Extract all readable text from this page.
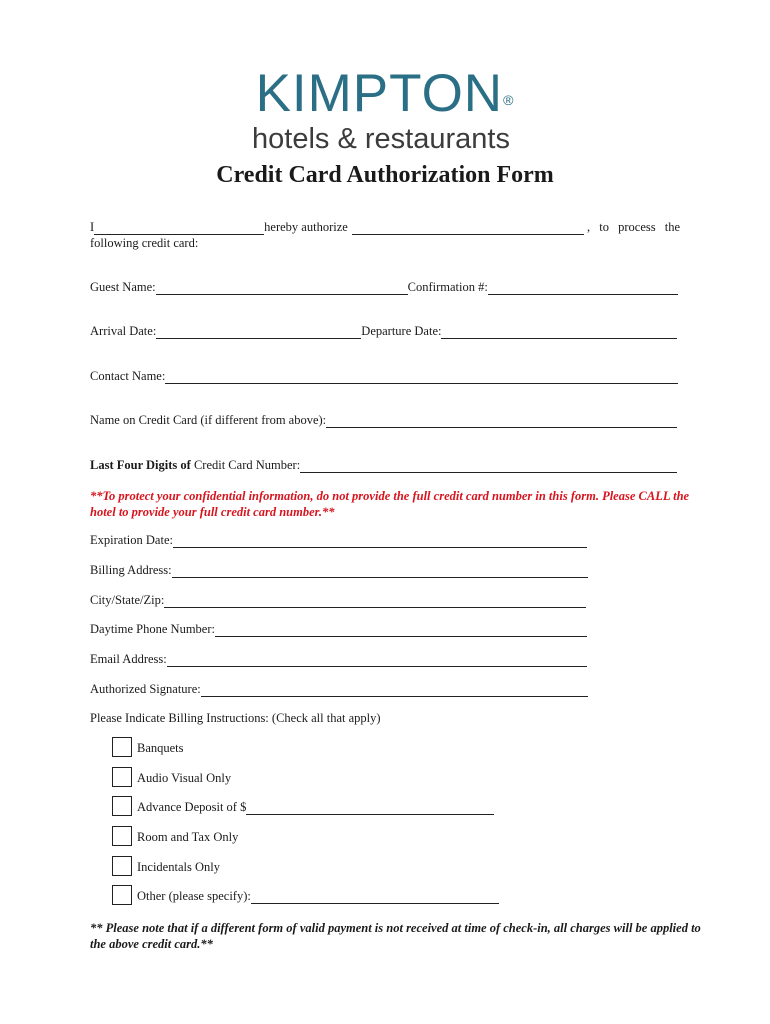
KIMPTON®
hotels & restaurants
Credit Card Authorization Form
I	hereby authorize	, to process the
following credit card:
Guest Name:	Confirmation #:
Arrival Date:	Departure Date:
Contact Name:
Name on Credit Card (if different from above):
Last Four Digits of Credit Card Number:
**To protect your confidential information, do not provide the full credit card number in this form. Please CALL the hotel to provide your full credit card number.**
Expiration Date:
Billing Address:
City/State/Zip:
Daytime Phone Number:
Email Address:
Authorized Signature:
Please Indicate Billing Instructions: (Check all that apply)
Banquets
Audio Visual Only
Advance Deposit of $
Room and Tax Only
Incidentals Only
Other (please specify):
** Please note that if a different form of valid payment is not received at time of check-in, all charges will be applied to the above credit card.**
